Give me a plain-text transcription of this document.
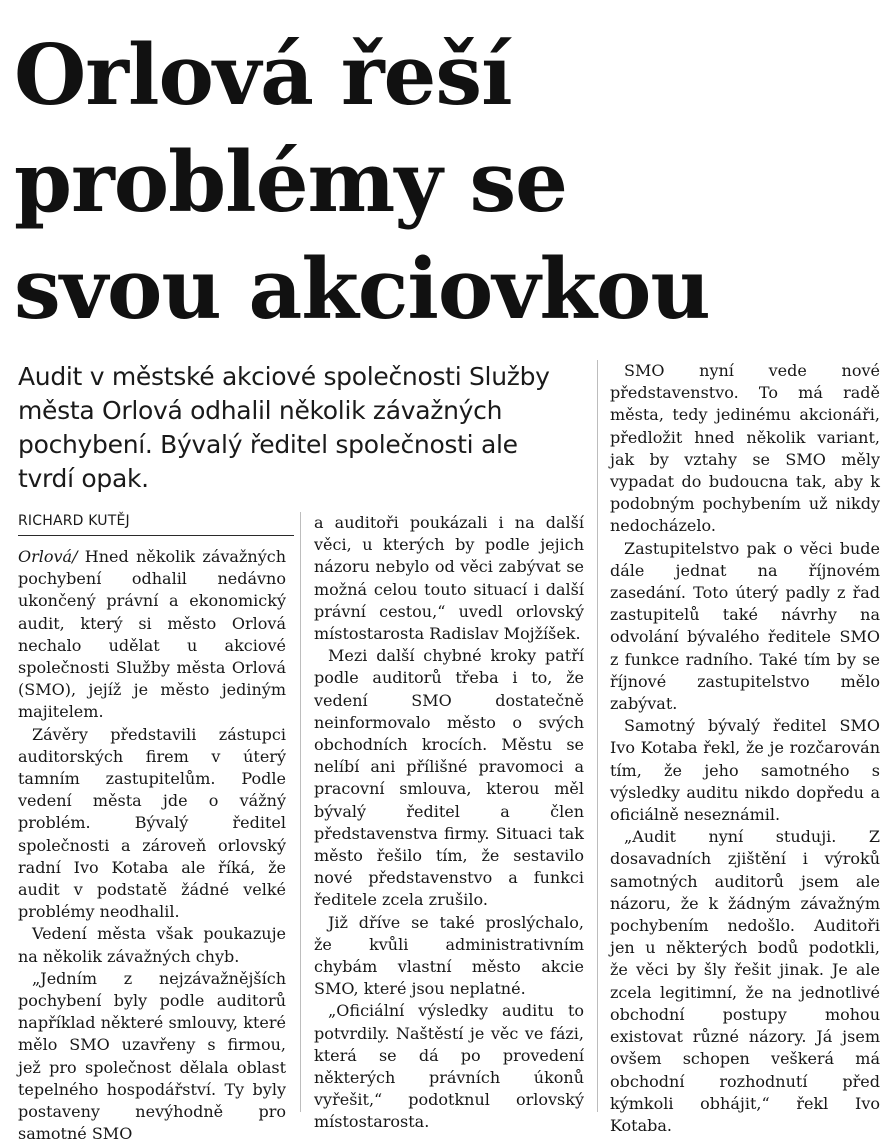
Orlová řeší
problémy se
svou akciovkou
Audit v městské akciové společnosti Služby
města Orlová odhalil několik závažných
pochybení. Bývalý ředitel společnosti ale
tvrdí opak.
RICHARD KUTĚJ

Orlová/ Hned několik závažných pochybení odhalil nedávno ukončený právní a ekonomický audit, který si město Orlová nechalo udělat u akciové společnosti Služby města Orlová (SMO), jejíž je město jediným majitelem.

Závěry představili zástupci auditorských firem v úterý tamním zastupitelům. Podle vedení města jde o vážný problém. Bývalý ředitel společnosti a zároveň orlovský radní Ivo Kotaba ale říká, že audit v podstatě žádné velké problémy neodhalil.

Vedení města však poukazuje na několik závažných chyb.

„Jedním z nejzávažnějších pochybení byly podle auditorů například některé smlouvy, které mělo SMO uzavřeny s firmou, jež pro společnost dělala oblast tepelného hospodářství. Ty byly postaveny nevýhodně pro samotné SMO

a auditoři poukázali i na další věci, u kterých by podle jejich názoru nebylo od věci zabývat se možná celou touto situací i další právní cestou,“ uvedl orlovský místostarosta Radislav Mojžíšek.

Mezi další chybné kroky patří podle auditorů třeba i to, že vedení SMO dostatečně neinformovalo město o svých obchodních krocích. Městu se nelíbí ani přílišné pravomoci a pracovní smlouva, kterou měl bývalý ředitel a člen představenstva firmy. Situaci tak město řešilo tím, že sestavilo nové představenstvo a funkci ředitele zcela zrušilo.

Již dříve se také proslýchalo, že kvůli administrativním chybám vlastní město akcie SMO, které jsou neplatné.

„Oficiální výsledky auditu to potvrdily. Naštěstí je věc ve fázi, která se dá po provedení některých právních úkonů vyřešit,“ podotknul orlovský místostarosta.

SMO nyní vede nové představenstvo. To má radě města, tedy jedinému akcionáři, předložit hned několik variant, jak by vztahy se SMO měly vypadat do budoucna tak, aby k podobným pochybením už nikdy nedocházelo.

Zastupitelstvo pak o věci bude dále jednat na říjnovém zasedání. Toto úterý padly z řad zastupitelů také návrhy na odvolání bývalého ředitele SMO z funkce radního. Také tím by se říjnové zastupitelstvo mělo zabývat.

Samotný bývalý ředitel SMO Ivo Kotaba řekl, že je rozčarován tím, že jeho samotného s výsledky auditu nikdo dopředu a oficiálně neseznámil.

„Audit nyní studuji. Z dosavadních zjištění i výroků samotných auditorů jsem ale názoru, že k žádným závažným pochybením nedošlo. Auditoři jen u některých bodů podotkli, že věci by šly řešit jinak. Je ale zcela legitimní, že na jednotlivé obchodní postupy mohou existovat různé názory. Já jsem ovšem schopen veškerá má obchodní rozhodnutí před kýmkoli obhájit,“ řekl Ivo Kotaba.
